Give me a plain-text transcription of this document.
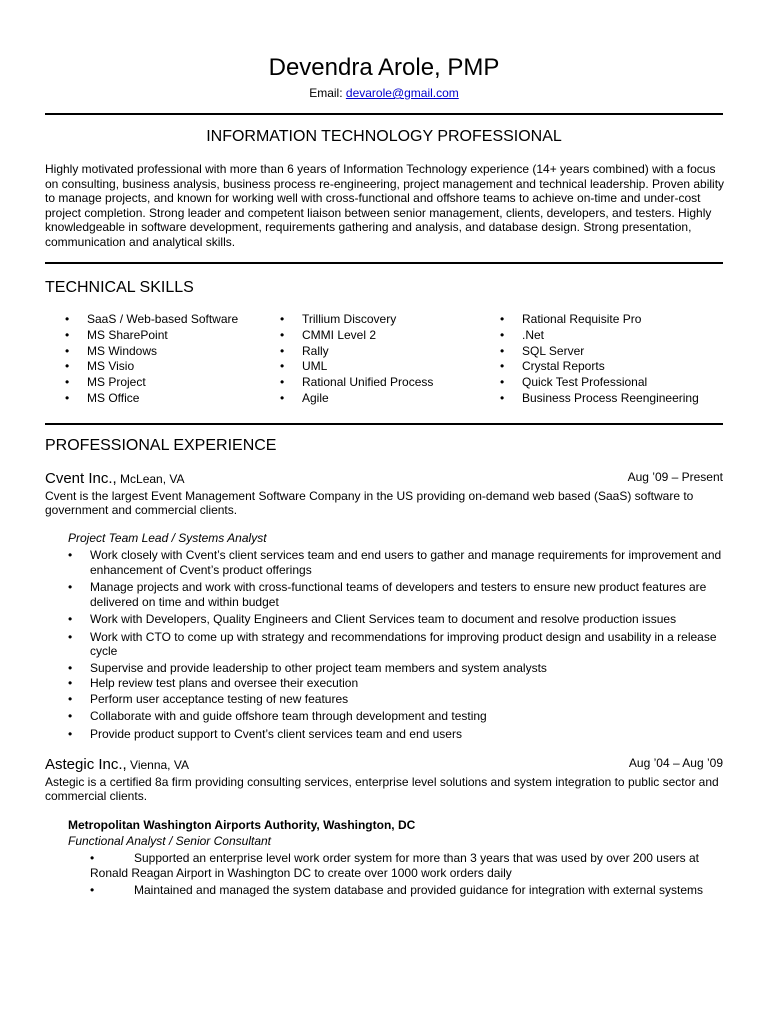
Devendra Arole, PMP
Email: devarole@gmail.com
INFORMATION TECHNOLOGY PROFESSIONAL
Highly motivated professional with more than 6 years of Information Technology experience (14+ years combined) with a focus on consulting, business analysis, business process re-engineering, project management and technical leadership. Proven ability to manage projects, and known for working well with cross-functional and offshore teams to achieve on-time and under-cost project completion. Strong leader and competent liaison between senior management, clients, developers, and testers. Highly knowledgeable in software development, requirements gathering and analysis, and database design. Strong presentation, communication and analytical skills.
TECHNICAL SKILLS
• SaaS / Web-based Software
• MS SharePoint
• MS Windows
• MS Visio
• MS Project
• MS Office
• Trillium Discovery
• CMMI Level 2
• Rally
• UML
• Rational Unified Process
• Agile
• Rational Requisite Pro
• .Net
• SQL Server
• Crystal Reports
• Quick Test Professional
• Business Process Reengineering
PROFESSIONAL EXPERIENCE
Cvent Inc., McLean, VA	Aug ’09 – Present
Cvent is the largest Event Management Software Company in the US providing on-demand web based (SaaS) software to government and commercial clients.
Project Team Lead / Systems Analyst
• Work closely with Cvent’s client services team and end users to gather and manage requirements for improvement and enhancement of Cvent’s product offerings
• Manage projects and work with cross-functional teams of developers and testers to ensure new product features are delivered on time and within budget
• Work with Developers, Quality Engineers and Client Services team to document and resolve production issues
• Work with CTO to come up with strategy and recommendations for improving product design and usability in a release cycle
• Supervise and provide leadership to other project team members and system analysts
• Help review test plans and oversee their execution
• Perform user acceptance testing of new features
• Collaborate with and guide offshore team through development and testing
• Provide product support to Cvent’s client services team and end users
Astegic Inc., Vienna, VA	Aug ’04 – Aug ’09
Astegic is a certified 8a firm providing consulting services, enterprise level solutions and system integration to public sector and commercial clients.
Metropolitan Washington Airports Authority, Washington, DC
Functional Analyst / Senior Consultant
•	Supported an enterprise level work order system for more than 3 years that was used by over 200 users at Ronald Reagan Airport in Washington DC to create over 1000 work orders daily
•	Maintained and managed the system database and provided guidance for integration with external systems
